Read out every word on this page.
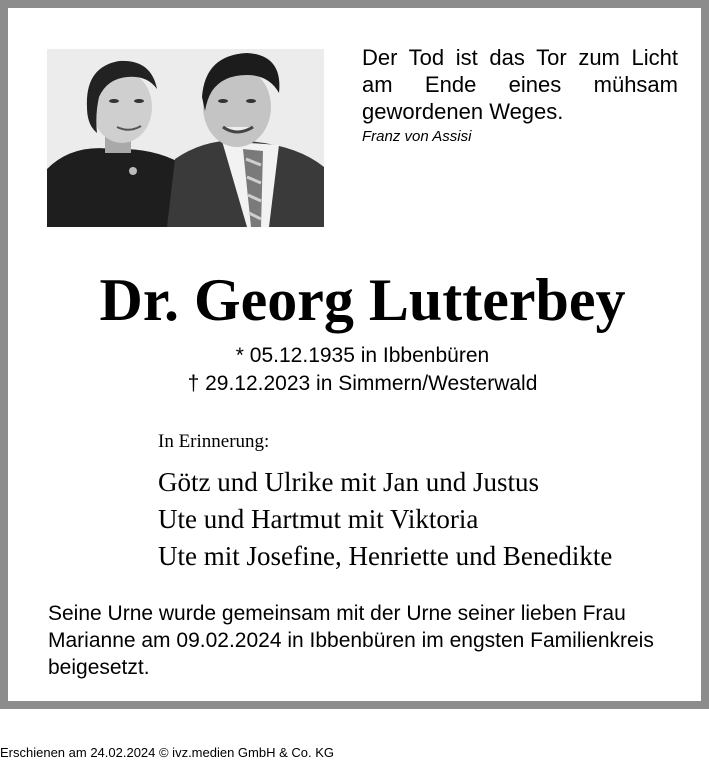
Der Tod ist das Tor zum Licht
am Ende eines mühsam
gewordenen Weges.
Franz von Assisi
Dr. Georg Lutterbey
* 05.12.1935 in Ibbenbüren
† 29.12.2023 in Simmern/Westerwald
In Erinnerung:
Götz und Ulrike mit Jan und Justus
Ute und Hartmut mit Viktoria
Ute mit Josefine, Henriette und Benedikte
Seine Urne wurde gemeinsam mit der Urne seiner lieben Frau Marianne am 09.02.2024 in Ibbenbüren im engsten Familienkreis beigesetzt.
Erschienen am 24.02.2024 © ivz.medien GmbH & Co. KG
